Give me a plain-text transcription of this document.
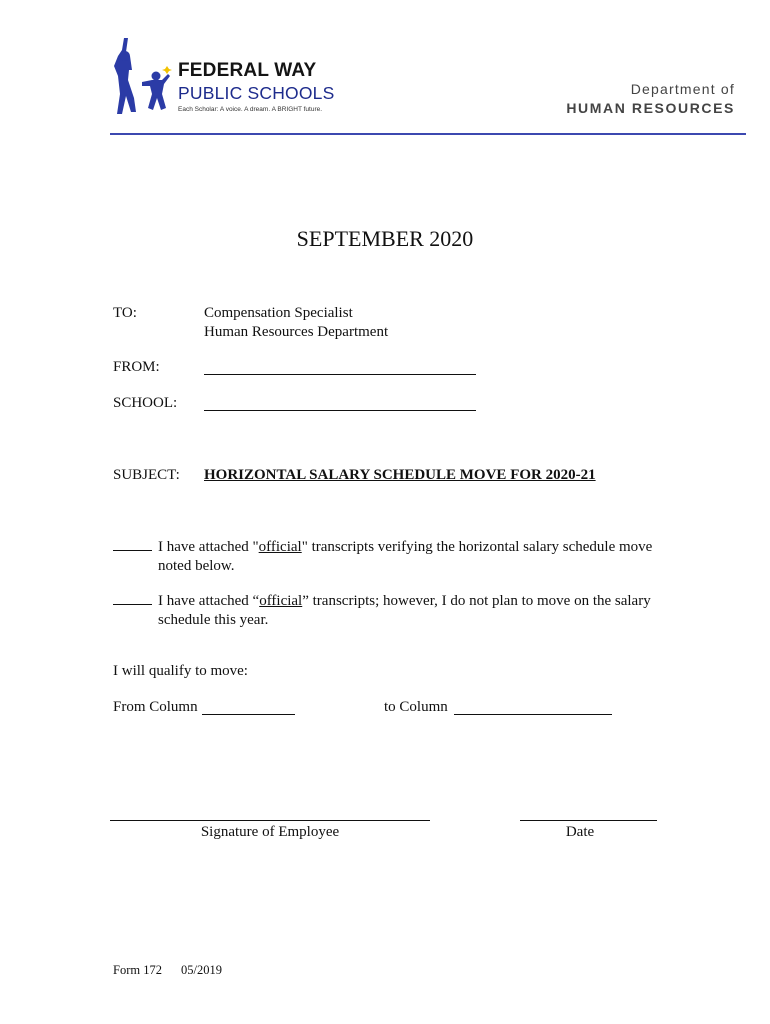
FEDERAL WAY
PUBLIC SCHOOLS
Each Scholar: A voice. A dream. A BRIGHT future.
Department of
HUMAN RESOURCES
SEPTEMBER 2020
TO:	Compensation Specialist
Human Resources Department
FROM:
SCHOOL:
SUBJECT: HORIZONTAL SALARY SCHEDULE MOVE FOR 2020-21
I have attached "official" transcripts verifying the horizontal salary schedule move noted below.
I have attached “official” transcripts; however, I do not plan to move on the salary schedule this year.
I will qualify to move:
From Column	to Column
Signature of Employee	Date
Form 172 05/2019
